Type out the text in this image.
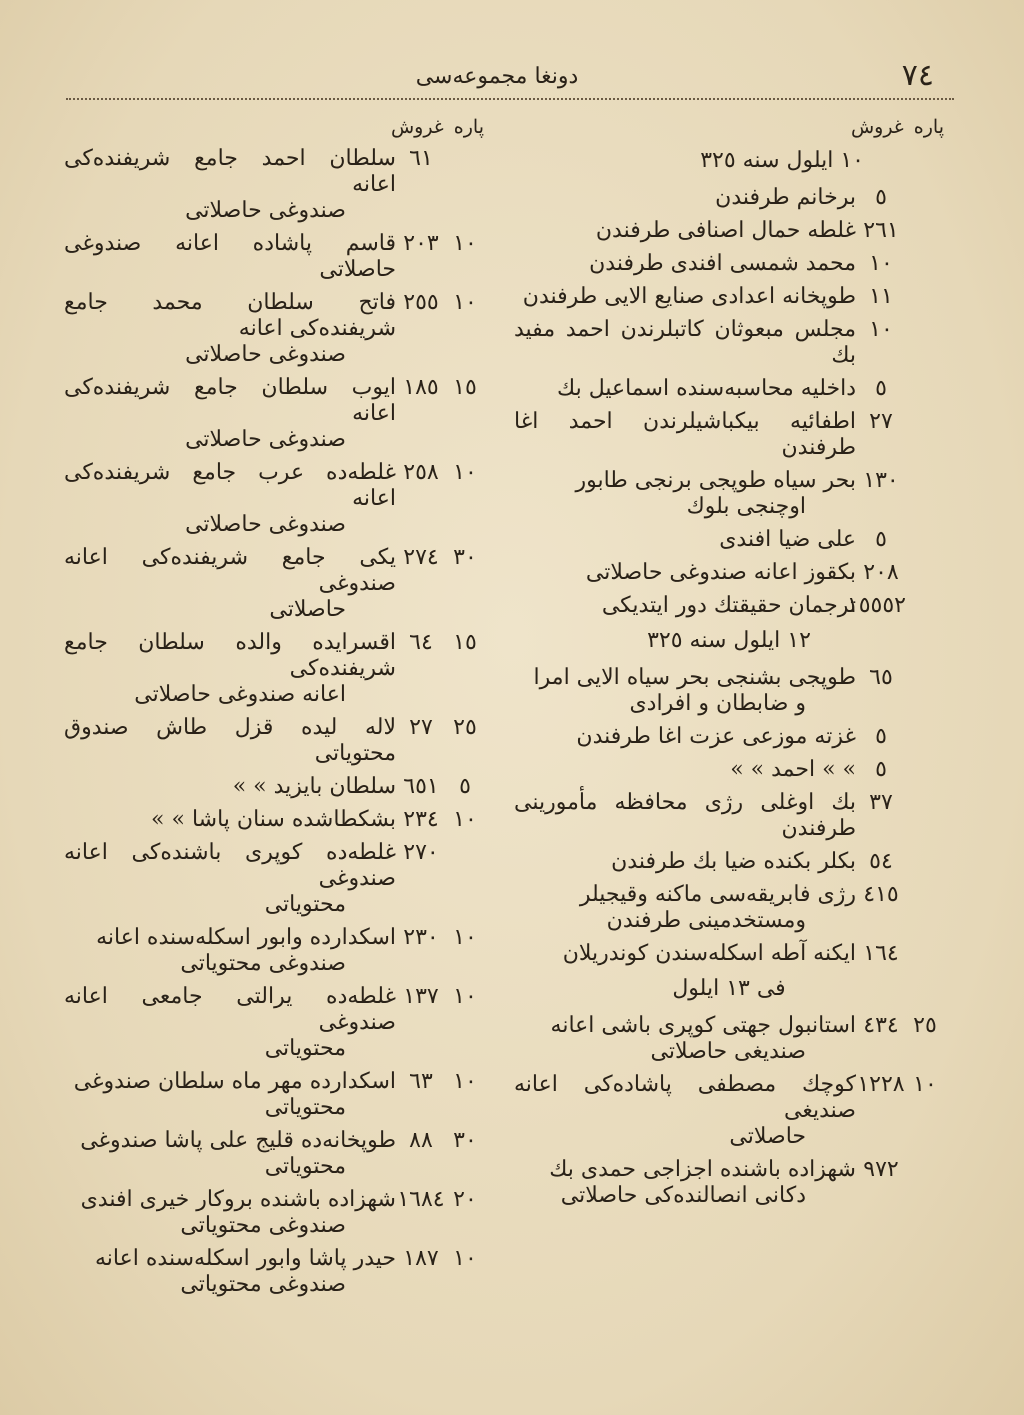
٧٤
دونغا مجموعه‌سی
پاره غروش
١٠ ايلول سنه ٣٢٥
٥
برخانم طرفندن
٢٦١
غلطه حمال اصنافی طرفندن
١٠
محمد شمسی افندی طرفندن
١١
طوپخانه اعدادی صنایع الایی طرفندن
١٠
مجلس مبعوثان کاتبلرندن احمد مفید بك
٥
داخلیه محاسبه‌سنده اسماعیل بك
٢٧
اطفائیه بیکباشیلرندن احمد اغا طرفندن
١٣٠
بحر سیاه طوپجی برنجی طابور
اوچنجی بلوك
٥
علی ضیا افندی
٢٠٨
بکقوز اعانه صندوغی حاصلاتی
١٥٥٥٢
ترجمان حقیقتك دور ایتدیکی
١٢ ايلول سنه ٣٢٥
٦٥
طوپجی بشنجی بحر سیاه الایی امرا
و ضابطان و افرادی
٥
غزته موزعی عزت اغا طرفندن
٥
» » احمد » »
٣٧
بك اوغلی رژی محافظه مأمورینی طرفندن
٥٤
بکلر بکنده ضیا بك طرفندن
٤١٥
رژی فابریقه‌سی ماکنه وقیجیلر
ومستخدمینی طرفندن
١٦٤
ایکنه آطه اسکله‌سندن کوندریلان
فی ١٣ ايلول
٢٥
٤٣٤
استانبول جهتی کوپری باشی اعانه
صندیغی حاصلاتی
١٠
١٢٢٨
کوچك مصطفی پاشاده‌کی اعانه صندیغی
حاصلاتی
٩٧٢
شهزاده باشنده اجزاجی حمدی بك
دکانی انصالنده‌کی حاصلاتی
پاره غروش
٦١
سلطان احمد جامع شریفنده‌کی اعانه
صندوغی حاصلاتی
١٠
٢٠٣
قاسم پاشاده اعانه صندوغی حاصلاتی
١٠
٢٥٥
فاتح سلطان محمد جامع شریفنده‌کی اعانه
صندوغی حاصلاتی
١٥
١٨٥
ایوب سلطان جامع شریفنده‌کی اعانه
صندوغی حاصلاتی
١٠
٢٥٨
غلطه‌ده عرب جامع شریفنده‌کی اعانه
صندوغی حاصلاتی
٣٠
٢٧٤
یکی جامع شریفنده‌کی اعانه صندوغی
حاصلاتی
١٥
٦٤
اقسرایده والده سلطان جامع شریفنده‌کی
اعانه صندوغی حاصلاتی
٢٥
٢٧
لاله لیده قزل طاش صندوق محتویاتی
٥
٦٥١
سلطان بایزید » »
١٠
٢٣٤
بشکطاشده سنان پاشا » »
٢٧٠
غلطه‌ده کوپری باشنده‌کی اعانه صندوغی
محتویاتی
١٠
٢٣٠
اسکدارده وابور اسکله‌سنده اعانه
صندوغی محتویاتی
١٠
١٣٧
غلطه‌ده یرالتی جامعی اعانه صندوغی
محتویاتی
١٠
٦٣
اسکدارده مهر ماه سلطان صندوغی
محتویاتی
٣٠
٨٨
طوپخانه‌ده قلیج علی پاشا صندوغی
محتویاتی
٢٠
١٦٨٤
شهزاده باشنده بروکار خیری افندی
صندوغی محتویاتی
١٠
١٨٧
حیدر پاشا وابور اسکله‌سنده اعانه
صندوغی محتویاتی
